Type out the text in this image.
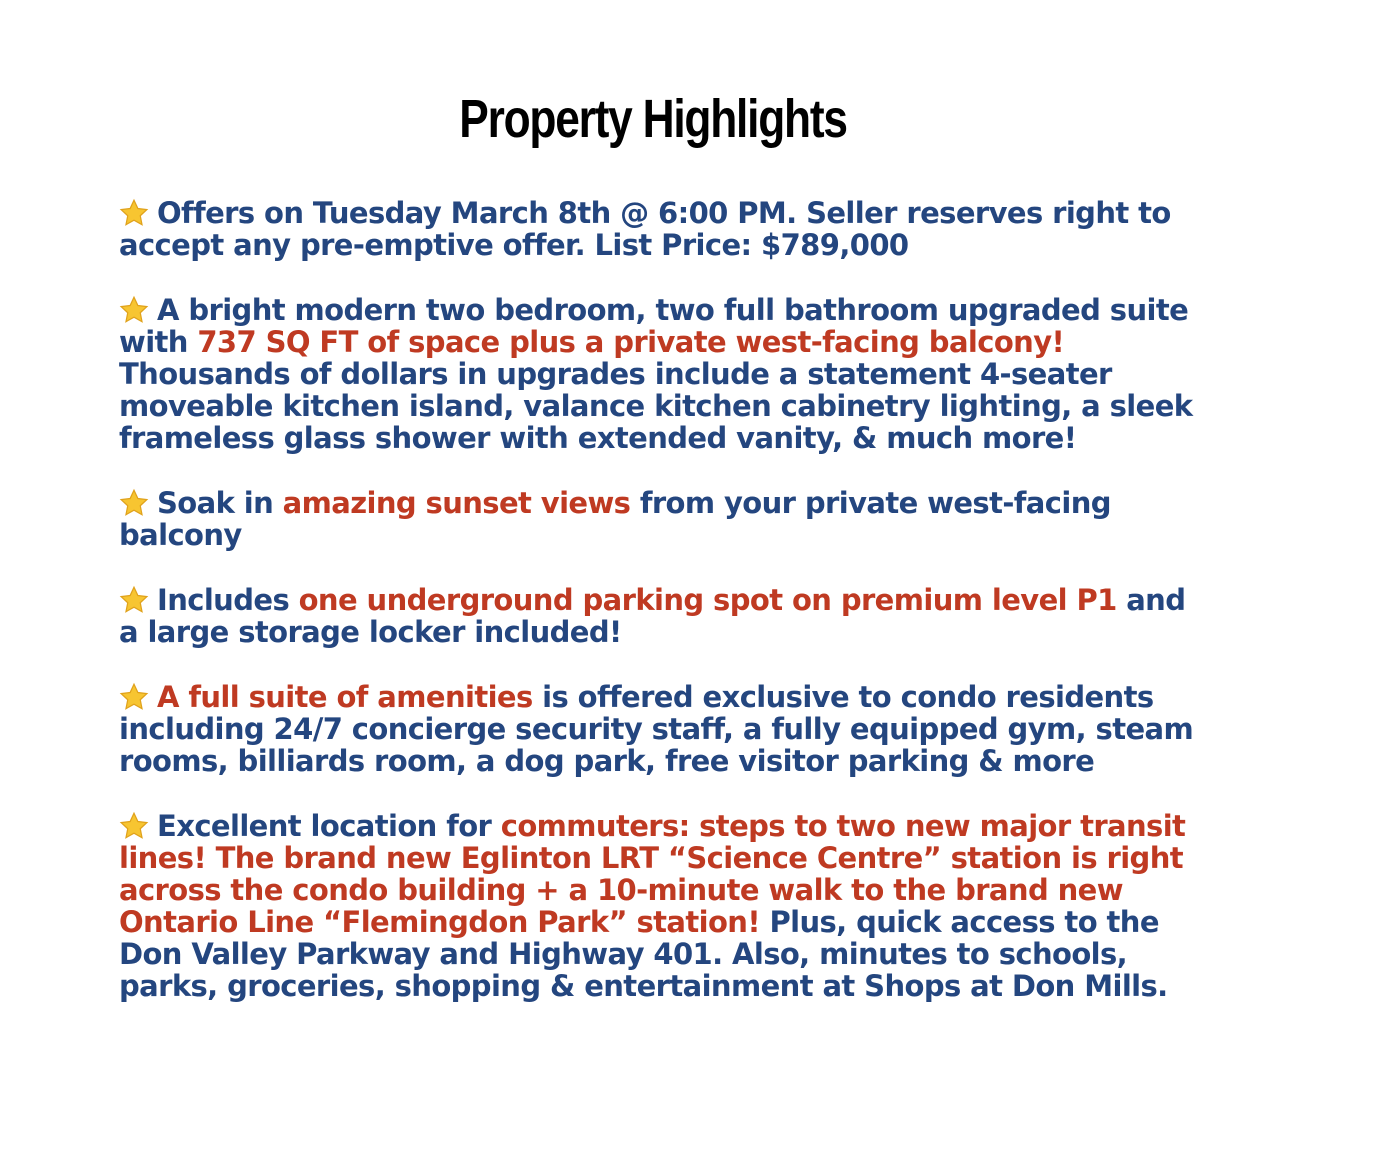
Property Highlights

Offers on Tuesday March 8th @ 6:00 PM. Seller reserves right to accept any pre-emptive offer. List Price: $789,000

A bright modern two bedroom, two full bathroom upgraded suite with 737 SQ FT of space plus a private west-facing balcony! Thousands of dollars in upgrades include a statement 4-seater moveable kitchen island, valance kitchen cabinetry lighting, a sleek frameless glass shower with extended vanity, & much more!

Soak in amazing sunset views from your private west-facing balcony

Includes one underground parking spot on premium level P1 and a large storage locker included!

A full suite of amenities is offered exclusive to condo residents including 24/7 concierge security staff, a fully equipped gym, steam rooms, billiards room, a dog park, free visitor parking & more

Excellent location for commuters: steps to two new major transit lines! The brand new Eglinton LRT “Science Centre” station is right across the condo building + a 10-minute walk to the brand new Ontario Line “Flemingdon Park” station! Plus, quick access to the Don Valley Parkway and Highway 401. Also, minutes to schools, parks, groceries, shopping & entertainment at Shops at Don Mills.
